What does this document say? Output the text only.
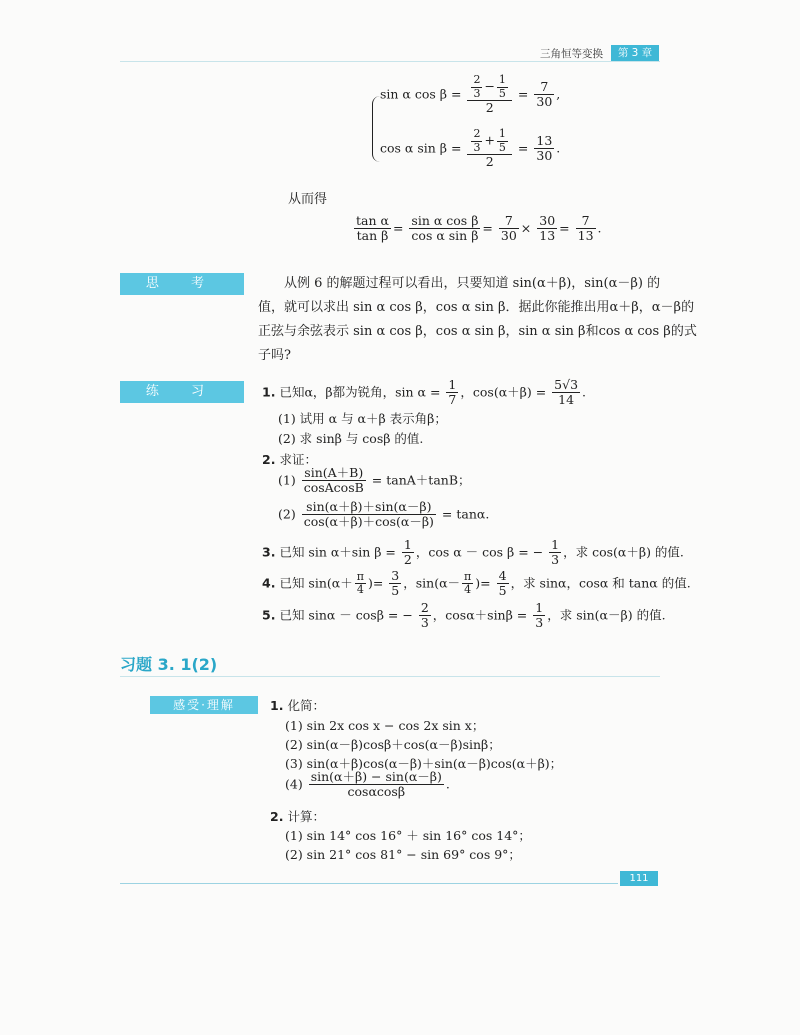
三角恒等变换	第 3 章
sin α $\cos \beta = \frac{\frac{2}{3} - \frac{1}{5}}{2} = \frac{7}{30}$ ,
cos α $\sin \beta = \frac{\frac{2}{3} + \frac{1}{5}}{2} = \frac{13}{30}$ .
从而得
$\frac{\text{tan α}}{\text{tan β}} = \frac{\text{sin α cos β}}{\text{cos α sin β}} = \frac{7}{30} \times \frac{30}{13} = \frac{7}{13}$ .
思 考	从例 6 的解题过程可以看出，只要知道 sin(α＋β)，sin(α－β) 的
值，就可以求出 sin α cos β，cos α sin β．据此你能推出用α＋β，α－β的
正弦与余弦表示 sin α cos β，cos α sin β，sin α sin β和cos α cos β的式
子吗?
练 习	1. 已知α，β都为锐角，$\sin \alpha = \frac{1}{7}$ ，$\cos(\alpha+\beta) = \frac{5√3}{14}$ .
(1) 试用 α 与 α＋β 表示角β；
(2) 求 sinβ 与 cosβ 的值.
2. 求证：
$(1) \frac{\sin(A+B)}{\text{cosAcosB}} = \tan A+\tan B$；
$(2) \frac{\sin(\alpha+\beta)+\sin(\alpha-\beta)}{\cos(\alpha+\beta)+\cos(\alpha-\beta)} = \tan\alpha$.
3. 已知 sin α＋sin $\beta = \frac{1}{2}$ ，cos α － cos β = − $\frac{1}{3}$ ，求 cos(α＋β) 的值.
4. 已知 $\sin(\alpha+ \frac{\pi}{4}$ )= $\frac{3}{5}$ ，$\sin(\alpha- \frac{\pi}{4}$ )= $\frac{4}{5}$ ，求 sinα，cosα 和 tanα 的值.
5. 已知 sinα － cosβ = − $\frac{2}{3}$ ，$\cos\alpha+\sin\beta = \frac{1}{3}$ ，求 sin(α－β) 的值.
习题 3. 1(2)
感受·理解	1. 化简：
(1) sin 2x cos x − cos 2x sin x；
(2) sin(α－β)cosβ＋cos(α－β)sinβ；
(3) sin(α＋β)cos(α－β)＋sin(α－β)cos(α＋β)；
$(4) \frac{\sin(\alpha+\beta) - \sin(\alpha-\beta)}{\cos\alpha\cos\beta}$ .
2. 计算：
(1) sin 14° cos 16° ＋ sin 16° cos 14°；
(2) sin 21° cos 81° − sin 69° cos 9°；
111
